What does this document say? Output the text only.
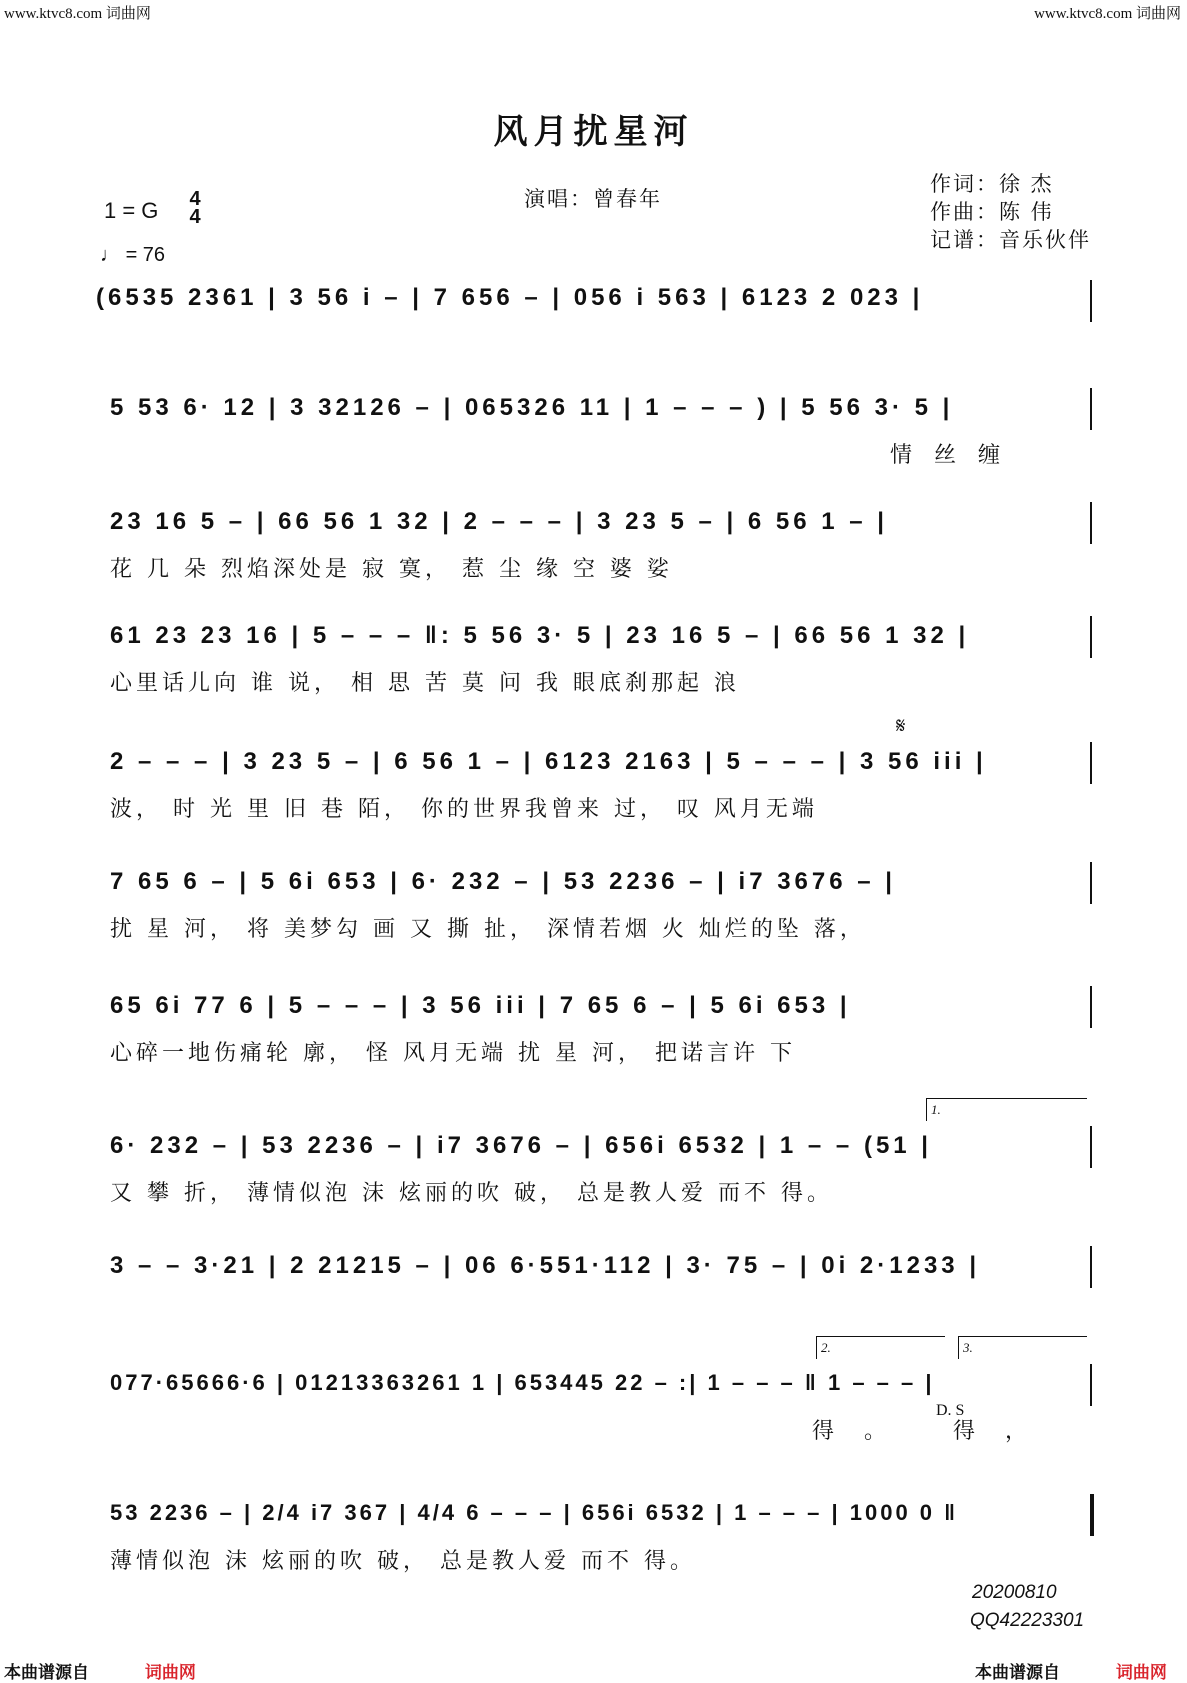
www.ktvc8.com 词曲网	www.ktvc8.com 词曲网
风月扰星河
演唱：曾春年
作词：徐 杰
作曲：陈 伟
记谱：音乐伙伴
1 = G 4
4
♩ = 76
(6535 2361 | 3 56 i – | 7 656 – | 056 i 563 | 6123 2 023 |
5 53 6· 12 | 3 32126 – | 065326 11 | 1 – – – ) | 5 56 3· 5 |
情丝缠
23 16 5 – | 66 56 1 32 | 2 – – – | 3 23 5 – | 6 56 1 – |
花 几 朵 烈焰深处是 寂 寞， 惹 尘 缘 空 婆 娑
61 23 23 16 | 5 – – – ‖: 5 56 3· 5 | 23 16 5 – | 66 56 1 32 |
心里话儿向 谁 说， 相 思 苦 莫 问 我 眼底刹那起 浪
𝄋
2 – – – | 3 23 5 – | 6 56 1 – | 6123 2163 | 5 – – – | 3 56 iii |
波， 时 光 里 旧 巷 陌， 你的世界我曾来 过， 叹 风月无端
7 65 6 – | 5 6i 653 | 6· 232 – | 53 2236 – | i7 3676 – |
扰 星 河， 将 美梦勾 画 又 撕 扯， 深情若烟 火 灿烂的坠 落，
65 6i 77 6 | 5 – – – | 3 56 iii | 7 65 6 – | 5 6i 653 |
心碎一地伤痛轮 廓， 怪 风月无端 扰 星 河， 把诺言许 下
1.
6· 232 – | 53 2236 – | i7 3676 – | 656i 6532 | 1 – – (51 |
又 攀 折， 薄情似泡 沫 炫丽的吹 破， 总是教人爱 而不 得。
3 – – 3·21 | 2 21215 – | 06 6·551·112 | 3· 75 – | 0i 2·1233 |
2.	3.
077·65666·6 | 01213363261 1 | 653445 22 – :| 1 – – – ‖ 1 – – – |
得。 得，
D. S
53 2236 – | 2/4 i7 367 | 4/4 6 – – – | 656i 6532 | 1 – – – | 1000 0 ‖
薄情似泡 沫 炫丽的吹 破， 总是教人爱 而不 得。
20200810
QQ42223301
本曲谱源自	词曲网	本曲谱源自	词曲网
